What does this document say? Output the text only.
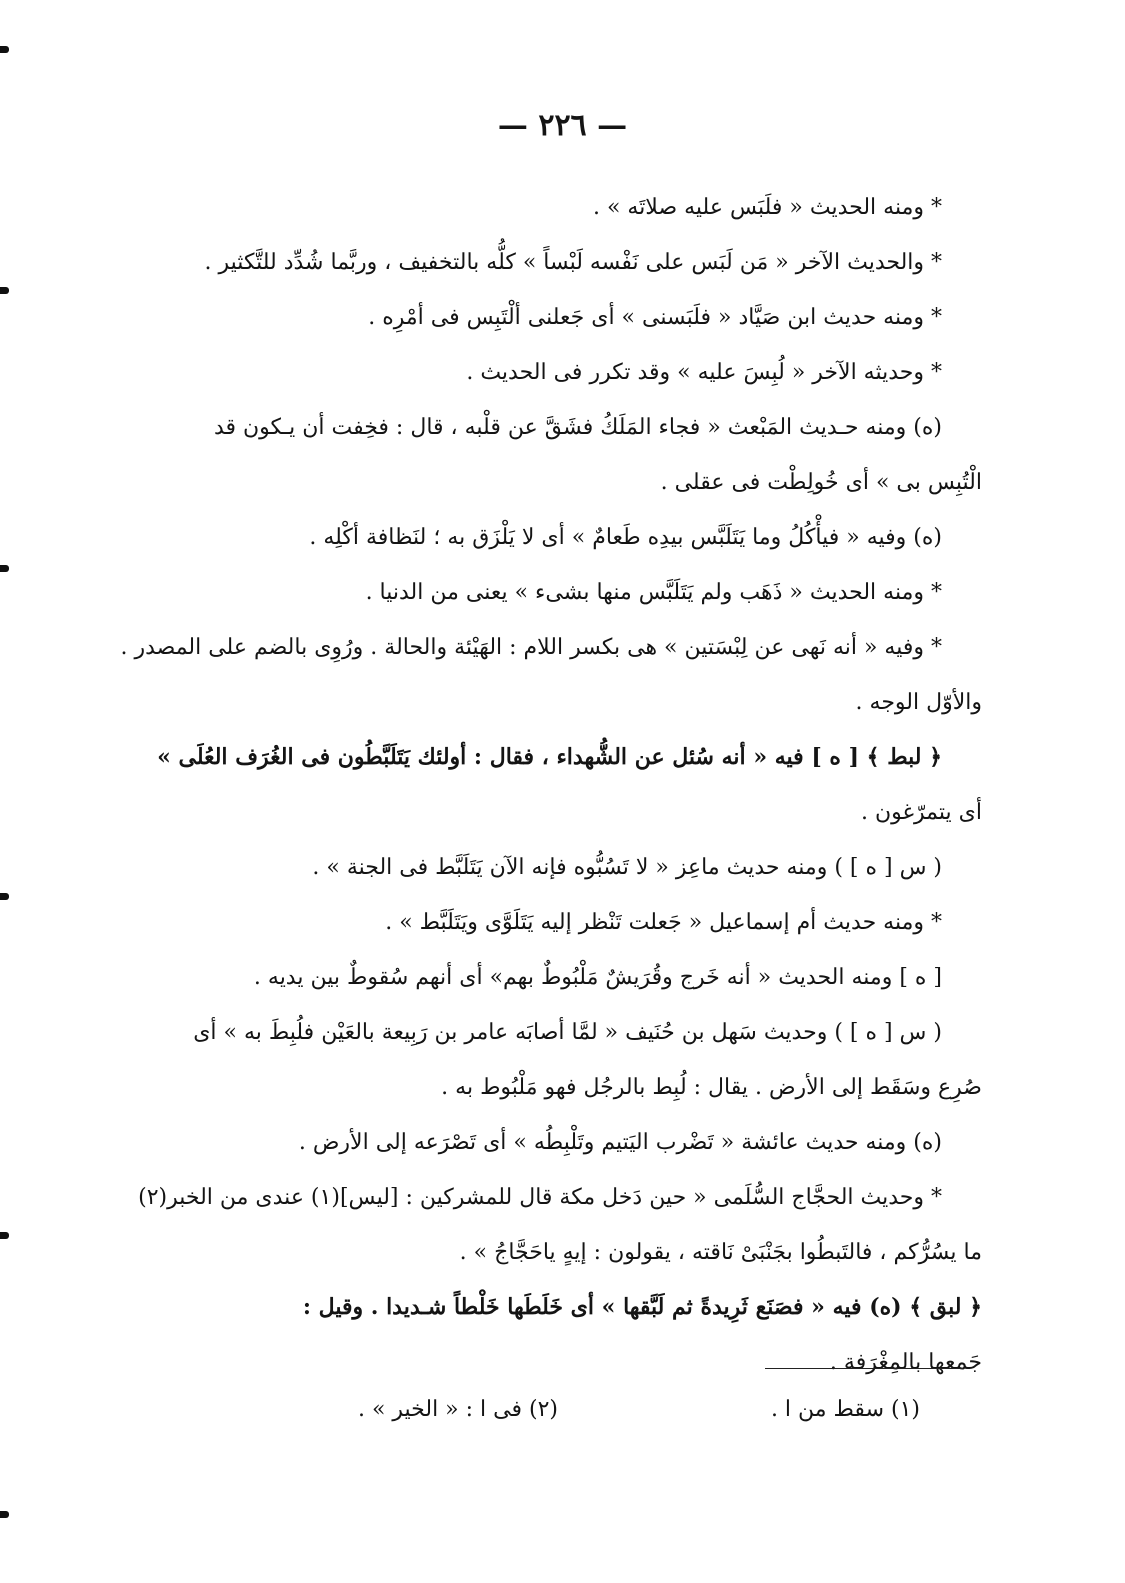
— ٢٢٦ —
* ومنه الحديث « فلَبَس عليه صلاتَه » .
* والحديث الآخر « مَن لَبَس على نَفْسه لَبْساً » كلُّه بالتخفيف ، وربَّما شُدِّد للتَّكثير .
* ومنه حديث ابن صَيَّاد « فلَبَسنى » أى جَعلنى ألْتَبِس فى أمْرِه .
* وحديثه الآخر « لُبِسَ عليه » وقد تكرر فى الحديث .
(ه) ومنه حـديث المَبْعث « فجاء المَلَكُ فشَقَّ عن قلْبه ، قال : فخِفت أن يـكون قد
الْتُبِس بى » أى خُولِطْت فى عقلى .
(ه) وفيه « فيأْكُلُ وما يَتَلَبَّس بيدِه طَعامٌ » أى لا يَلْزَق به ؛ لنَظافة أكْلِه .
* ومنه الحديث « ذَهَب ولم يَتَلَبَّس منها بشىء » يعنى من الدنيا .
* وفيه « أنه نَهى عن لِبْسَتين » هى بكسر اللام : الهَيْئة والحالة . ورُوِى بالضم على المصدر .
والأوّل الوجه .
﴿ لبط ﴾ [ ه ] فيه « أنه سُئل عن الشُّهداء ، فقال : أولئك يَتَلَبَّطُون فى الغُرَف العُلَى »
أى يتمرّغون .
( س [ ه ] ) ومنه حديث ماعِز « لا تَسُبُّوه فإنه الآن يَتَلَبَّط فى الجنة » .
* ومنه حديث أم إسماعيل « جَعلت تَنْظر إليه يَتَلَوَّى ويَتَلَبَّط » .
[ ه ] ومنه الحديث « أنه خَرج وقُرَيشٌ مَلْبُوطٌ بهم» أى أنهم سُقوطٌ بين يديه .
( س [ ه ] ) وحديث سَهل بن حُنَيف « لمَّا أصابَه عامر بن رَبِيعة بالعَيْن فلُبِطَ به » أى
صُرِع وسَقَط إلى الأرض . يقال : لُبِط بالرجُل فهو مَلْبُوط به .
(ه) ومنه حديث عائشة « تَضْرب اليَتيم وتَلْبِطُه » أى تَصْرَعه إلى الأرض .
* وحديث الحجَّاج السُّلَمى « حين دَخل مكة قال للمشركين : [ليس](١) عندى من الخبر(٢)
ما يسُرُّكم ، فالتَبطُوا بجَنْبَىْ نَاقته ، يقولون : إيهٍ ياحَجَّاجُ » .
﴿ لبق ﴾ (ه) فيه « فصَنَع ثَرِيدةً ثم لَبَّقها » أى خَلَطَها خَلْطاً شـديدا . وقيل :
جَمعها بالمِغْرَفة .
(١) سقط من ا .
(٢) فى ا : « الخير » .
